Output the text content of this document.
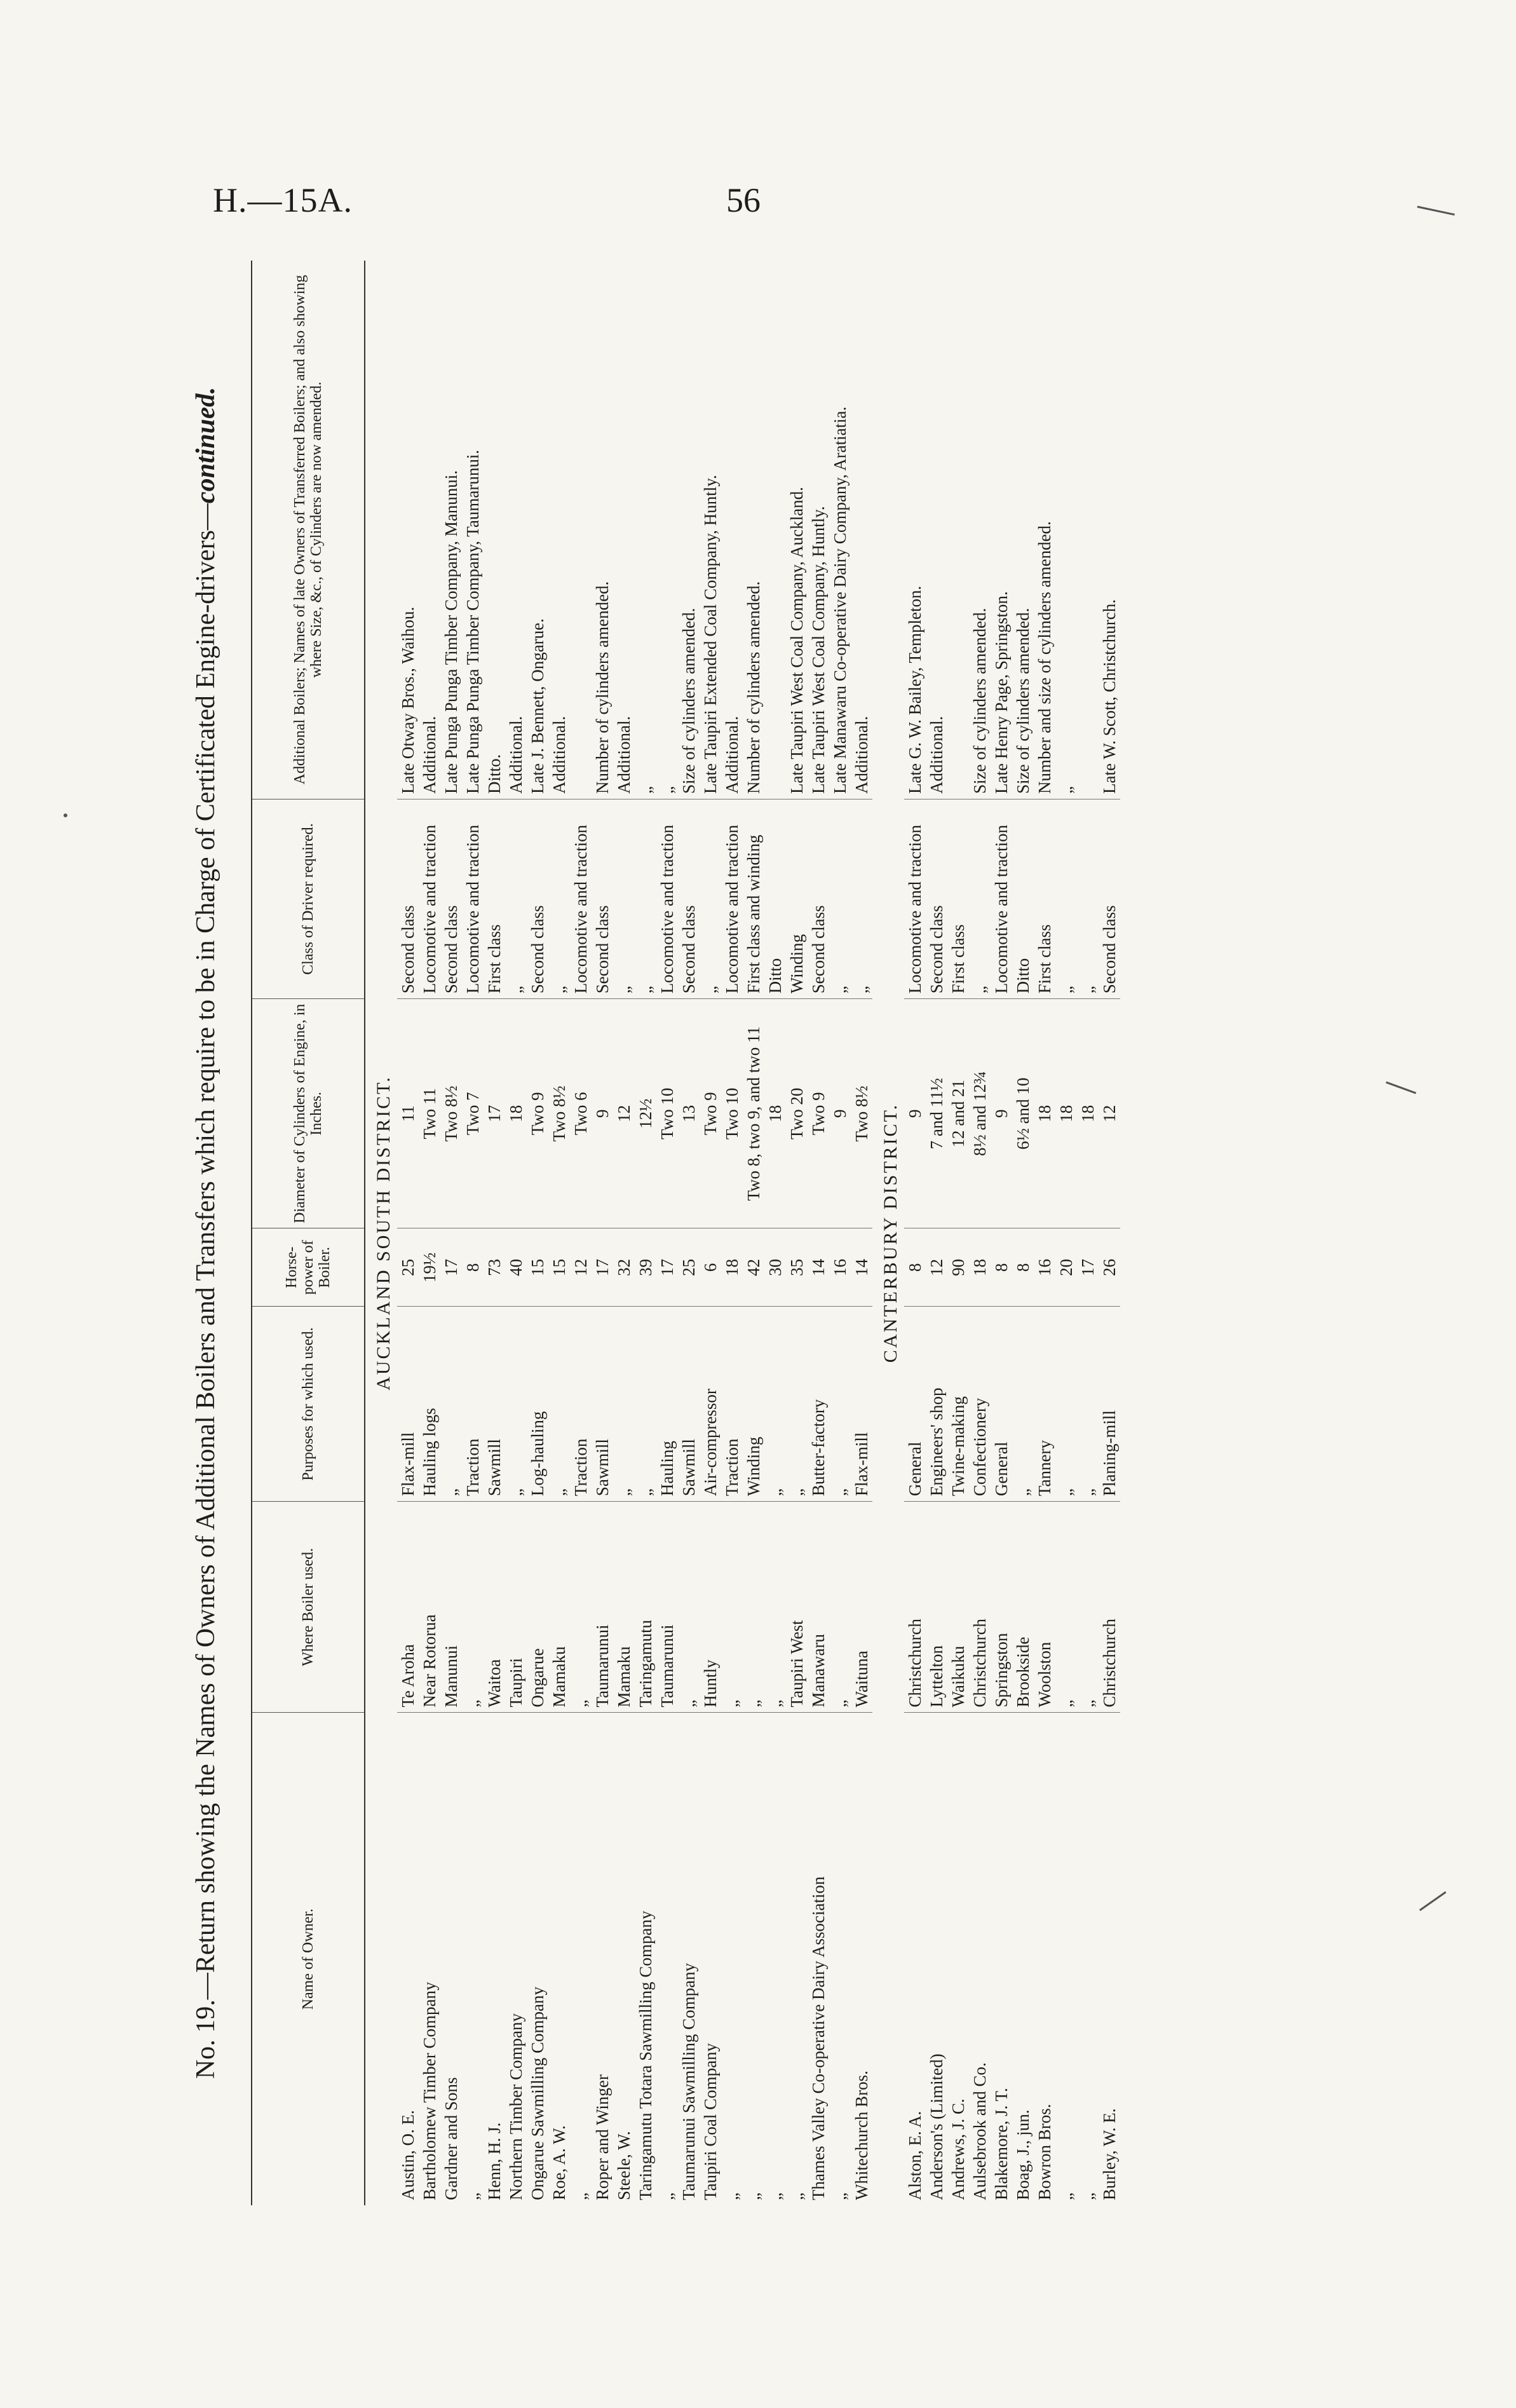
H.—15A.	56
No. 19.—Return showing the Names of Owners of Additional Boilers and Transfers which require to be in Charge of Certificated Engine-drivers—continued.
Name of Owner.	Where Boiler used.	Purposes for which used.	Horse-power of Boiler.	Diameter of Cylinders of Engine, in Inches.	Class of Driver required.	Additional Boilers; Names of late Owners of Transferred Boilers; and also showing where Size, &c., of Cylinders are now amended.
AUCKLAND SOUTH DISTRICT.						
Austin, O. E.	Te Aroha	Flax-mill	25	11	Second class	Late Otway Bros., Waihou.
Bartholomew Timber Company	Near Rotorua	Hauling logs	19½	Two 11	Locomotive and traction	Additional.
Gardner and Sons	Manunui	„	17	Two 8½	Second class	Late Punga Punga Timber Company, Manunui.
„	„	Traction	8	Two 7	Locomotive and traction	Late Punga Punga Timber Company, Taumarunui.
Henn, H. J.	Waitoa	Sawmill	73	17	First class	Ditto.
Northern Timber Company	Taupiri	„	40	18	„	Additional.
Ongarue Sawmilling Company	Ongarue	Log-hauling	15	Two 9	Second class	Late J. Bennett, Ongarue.
Roe, A. W.	Mamaku	„	15	Two 8½	„	Additional.
„	„	Traction	12	Two 6	Locomotive and traction	
Roper and Winger	Taumarunui	Sawmill	17	9	Second class	Number of cylinders amended.
Steele, W.	Mamaku	„	32	12	„	Additional.
Taringamutu Totara Sawmilling Company	Taringamutu	„	39	12½	„	„
„	Taumarunui	Hauling	17	Two 10	Locomotive and traction	„
Taumarunui Sawmilling Company	„	Sawmill	25	13	Second class	Size of cylinders amended.
Taupiri Coal Company	Huntly	Air-compressor	6	Two 9	„	Late Taupiri Extended Coal Company, Huntly.
„	„	Traction	18	Two 10	Locomotive and traction	Additional.
„	„	Winding	42	Two 8, two 9, and two 11	First class and winding	Number of cylinders amended.
„	„	„	30	18	Ditto	
„	Taupiri West	„	35	Two 20	Winding	Late Taupiri West Coal Company, Auckland.
Thames Valley Co-operative Dairy Association	Manawaru	Butter-factory	14	Two 9	Second class	Late Taupiri West Coal Company, Huntly.
„	„	„	16	9	„	Late Manawaru Co-operative Dairy Company, Aratiatia.
Whitechurch Bros.	Waituna	Flax-mill	14	Two 8½	„	Additional.
CANTERBURY DISTRICT.						
Alston, E. A.	Christchurch	General	8	9	Locomotive and traction	Late G. W. Bailey, Templeton.
Anderson's (Limited)	Lyttelton	Engineers' shop	12	7 and 11½	Second class	Additional.
Andrews, J. C.	Waikuku	Twine-making	90	12 and 21	First class	
Aulsebrook and Co.	Christchurch	Confectionery	18	8½ and 12¾	„	Size of cylinders amended.
Blakemore, J. T.	Springston	General	8	9	Locomotive and traction	Late Henry Page, Springston.
Boag, J., jun.	Brookside	„	8	6½ and 10	Ditto	Size of cylinders amended.
Bowron Bros.	Woolston	Tannery	16	18	First class	Number and size of cylinders amended.
„	„	„	20	18	„	„
„	„	„	17	18	„	
Burley, W. E.	Christchurch	Planing-mill	26	12	Second class	Late W. Scott, Christchurch.
